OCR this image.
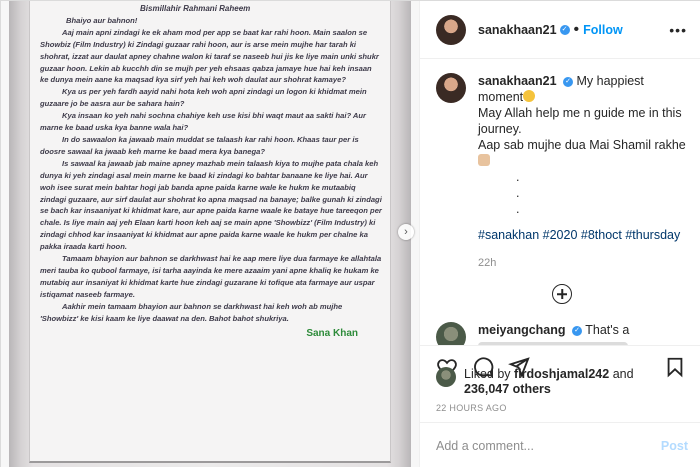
Bismillahir Rahmani Raheem

Bhaiyo aur bahnon!

Aaj main apni zindagi ke ek aham mod per app se baat kar rahi hoon. Main saalon se Showbiz (Film Industry) ki Zindagi guzaar rahi hoon, aur is arse mein mujhe har tarah ki shohrat, izzat aur daulat apney chahne walon ki taraf se naseeb hui jis ke liye main unki shukr guzaar hoon. Lekin ab kucchh din se mujh per yeh ehsaas qabza jamaye hue hai keh insaan ke dunya mein aane ka maqsad kya sirf yeh hai keh woh daulat aur shohrat kamaye?

Kya us per yeh fardh aayid nahi hota keh woh apni zindagi un logon ki khidmat mein guzaare jo be aasra aur be sahara hain?

Kya insaan ko yeh nahi sochna chahiye keh use kisi bhi waqt maut aa sakti hai? Aur marne ke baad uska kya banne wala hai?

In do sawaalon ka jawaab main muddat se talaash kar rahi hoon. Khaas taur per is doosre sawaal ka jwaab keh marne ke baad mera kya banega?

Is sawaal ka jawaab jab maine apney mazhab mein talaash kiya to mujhe pata chala keh dunya ki yeh zindagi asal mein marne ke baad ki zindagi ko bahtar banaane ke liye hai. Aur woh isee surat mein bahtar hogi jab banda apne paida karne wale ke hukm ke mutaabiq zindagi guzaare, aur sirf daulat aur shohrat ko apna maqsad na banaye; balke gunah ki zindagi se bach kar insaaniyat ki khidmat kare, aur apne paida karne waale ke bataye hue tareeqon per chale. Is liye main aaj yeh Elaan karti hoon keh aaj se main apne 'Showbizz' (Film Industry) ki zindagi chhod kar insaaniyat ki khidmat aur apne paida karne waale ke hukm per chalne ka pakka iraada karti hoon.

Tamaam bhayion aur bahnon se darkhwast hai ke aap mere liye dua farmaye ke allahtala meri tauba ko qubool farmaye, isi tarha aayinda ke mere azaaim yani apne khaliq ke hukam ke mutabiq aur insaniyat ki khidmat karte hue zindagi guzarane ki tofique ata farmaye aur uspar istiqamat naseeb farmaye.

Aakhir mein tamaam bhayion aur bahnon se darkhwast hai keh woh ab mujhe 'Showbizz' ke kisi kaam ke liye daawat na den. Bahot bahot shukriya.

Sana Khan

›
sanakhaan21 ✓ • Follow	•••
sanakhaan21 ✓ My happiest moment
May Allah help me n guide me in this journey.
Aap sab mujhe dua Mai Shamil rakhe

.
.
.
#sanakhan #2020 #8thoct #thursday
22h
meiyangchang ✓ That's a

Liked by firdoshjamal242 and
236,047 others
22 HOURS AGO
Add a comment...
Post
